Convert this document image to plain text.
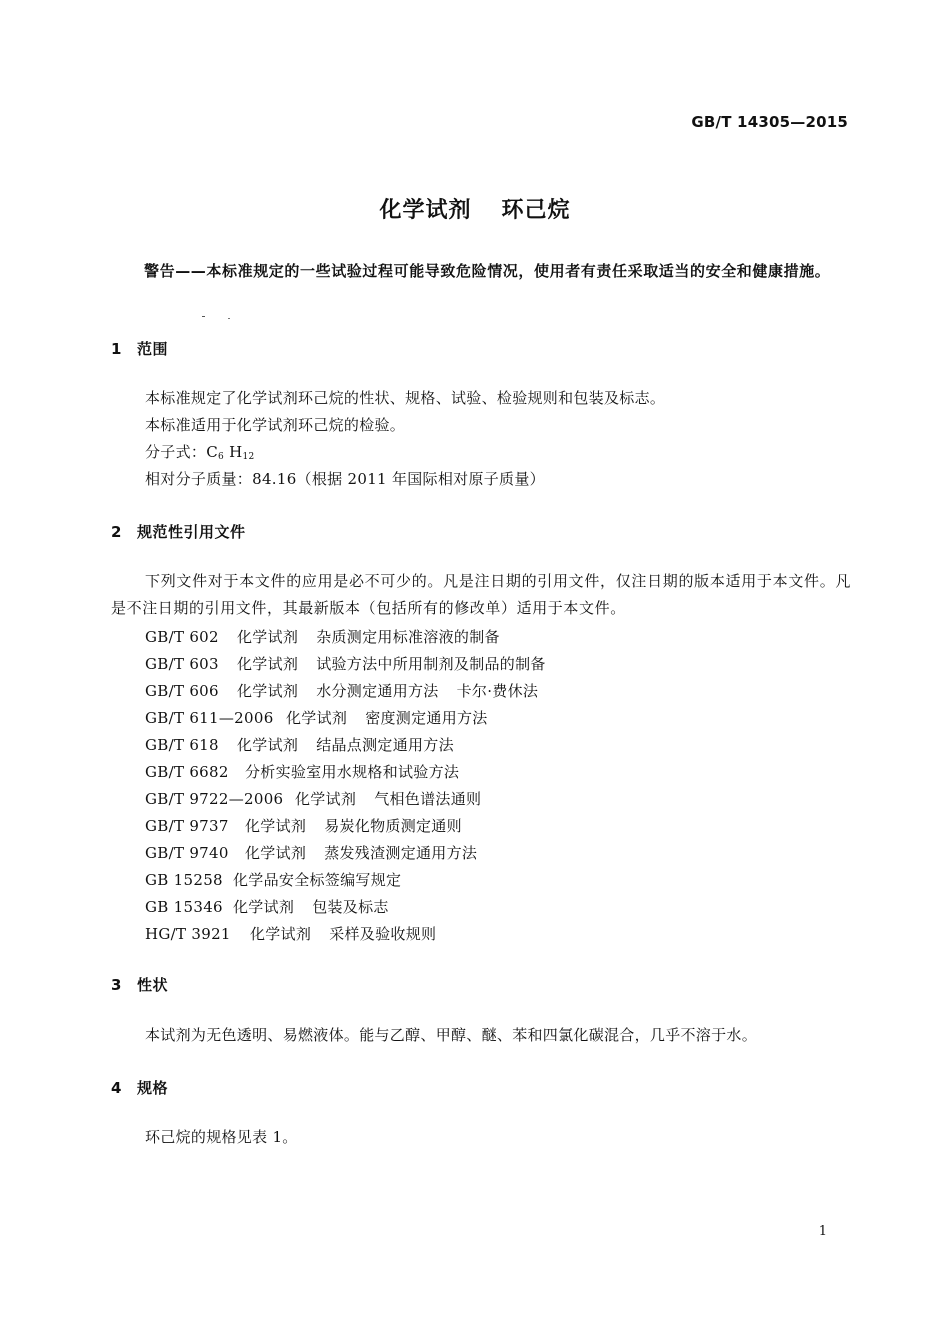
GB/T 14305—2015
化学试剂 环己烷
警告——本标准规定的一些试验过程可能导致危险情况，使用者有责任采取适当的安全和健康措施。
1 范围
本标准规定了化学试剂环己烷的性状、规格、试验、检验规则和包装及标志。
本标准适用于化学试剂环己烷的检验。
分子式：$C_6$ $H_{12}$
相对分子质量：84.16（根据 2011 年国际相对原子质量）
2 规范性引用文件
下列文件对于本文件的应用是必不可少的。凡是注日期的引用文件，仅注日期的版本适用于本文件。凡是不注日期的引用文件，其最新版本（包括所有的修改单）适用于本文件。
GB/T 602 化学试剂 杂质测定用标准溶液的制备
GB/T 603 化学试剂 试验方法中所用制剂及制品的制备
GB/T 606 化学试剂 水分测定通用方法 卡尔·费休法
GB/T 611—2006 化学试剂 密度测定通用方法
GB/T 618 化学试剂 结晶点测定通用方法
GB/T 6682 分析实验室用水规格和试验方法
GB/T 9722—2006 化学试剂 气相色谱法通则
GB/T 9737 化学试剂 易炭化物质测定通则
GB/T 9740 化学试剂 蒸发残渣测定通用方法
GB 15258 化学品安全标签编写规定
GB 15346 化学试剂 包装及标志
HG/T 3921 化学试剂 采样及验收规则
3 性状
本试剂为无色透明、易燃液体。能与乙醇、甲醇、醚、苯和四氯化碳混合，几乎不溶于水。
4 规格
环己烷的规格见表 1。
1
